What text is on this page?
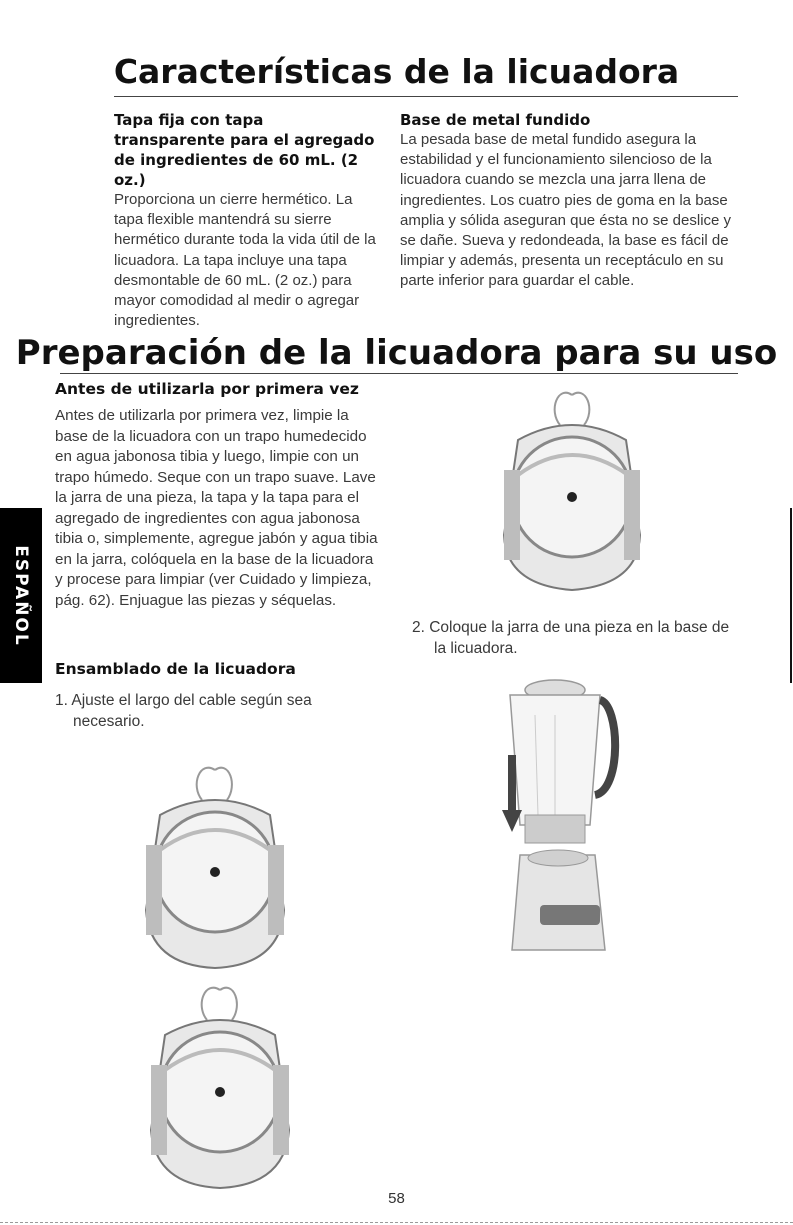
Características de la licuadora

Tapa fija con tapa transparente para el agregado de ingredientes de 60 mL. (2 oz.)

Proporciona un cierre hermético. La tapa flexible mantendrá su sierre hermético durante toda la vida útil de la licuadora. La tapa incluye una tapa desmontable de 60 mL. (2 oz.) para mayor comodidad al medir o agregar ingredientes.

Base de metal fundido

La pesada base de metal fundido asegura la estabilidad y el funcionamiento silencioso de la licuadora cuando se mezcla una jarra llena de ingredientes. Los cuatro pies de goma en la base amplia y sólida aseguran que ésta no se deslice y se dañe. Sueva y redondeada, la base es fácil de limpiar y además, presenta un receptáculo en su parte inferior para guardar el cable.

Preparación de la licuadora para su uso

Antes de utilizarla por primera vez

Antes de utilizarla por primera vez, limpie la base de la licuadora con un trapo humedecido en agua jabonosa tibia y luego, limpie con un trapo húmedo. Seque con un trapo suave. Lave la jarra de una pieza, la tapa y la tapa para el agregado de ingredientes con agua jabonosa tibia o, simplemente, agregue jabón y agua tibia en la jarra, colóquela en la base de la licuadora y procese para limpiar (ver Cuidado y limpieza, pág. 62). Enjuague las piezas y séquelas.

Ensamblado de la licuadora

1. Ajuste el largo del cable según sea necesario.
2. Coloque la jarra de una pieza en la base de la licuadora.
ESPAÑOL
58
